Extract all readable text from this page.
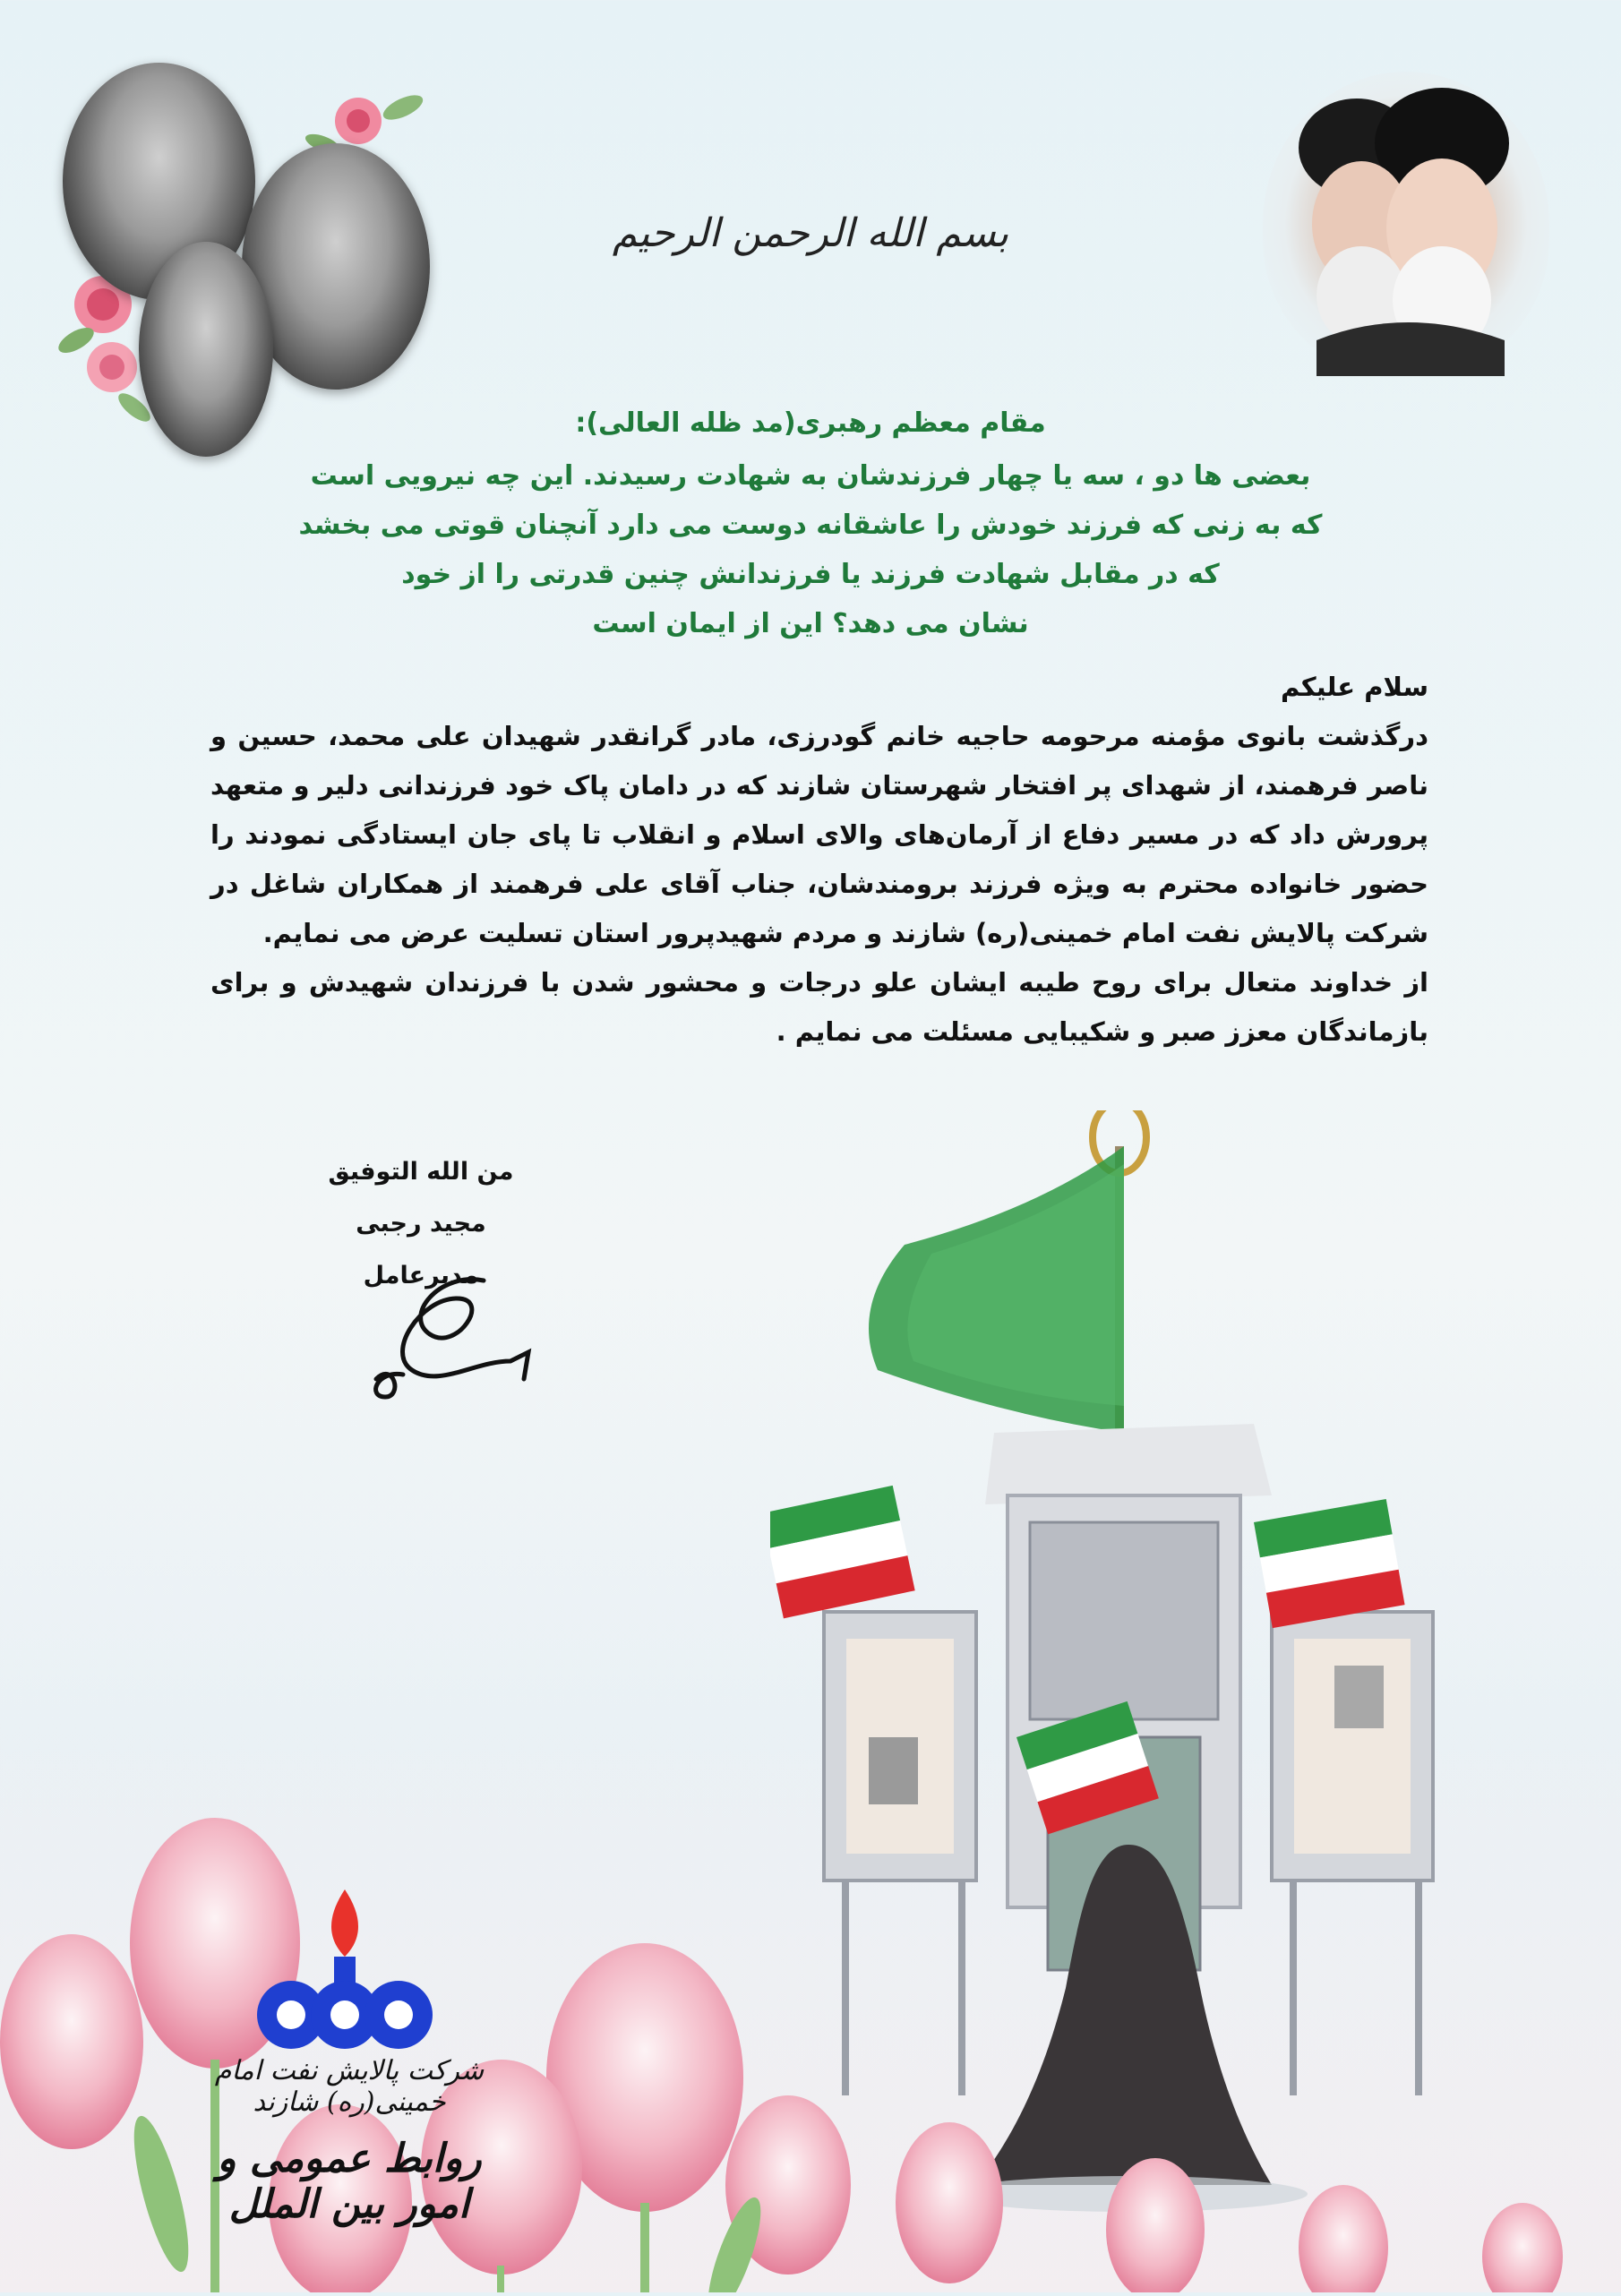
بسم الله الرحمن الرحیم
مقام معظم رهبری(مد ظله العالی):
بعضی ها دو ، سه یا چهار فرزندشان به شهادت رسیدند. این چه نیرویی است
که به زنی که فرزند خودش را عاشقانه دوست می دارد آنچنان قوتی می بخشد
که در مقابل شهادت فرزند یا فرزندانش چنین قدرتی را از خود
نشان می دهد؟ این از ایمان است
سلام علیکم
درگذشت بانوی مؤمنه مرحومه حاجیه خانم گودرزی، مادر گرانقدر شهیدان علی محمد، حسین و ناصر فرهمند، از شهدای پر افتخار شهرستان شازند که در دامان پاک خود فرزندانی دلیر و متعهد پرورش داد که در مسیر دفاع از آرمان‌های والای اسلام و انقلاب تا پای جان ایستادگی نمودند را حضور خانواده محترم به ویژه فرزند برومندشان، جناب آقای علی فرهمند از همکاران شاغل در شرکت پالایش نفت امام خمینی(ره) شازند و مردم شهیدپرور استان تسلیت عرض می نمایم.
از خداوند متعال برای روح طیبه ایشان علو درجات و محشور شدن با فرزندان شهیدش و برای بازماندگان معزز صبر و شکیبایی مسئلت می نمایم .
من الله التوفیق
مجید رجبی
مدیرعامل
شرکت پالایش نفت امام خمینی(ره) شازند
روابط عمومی و امور بین الملل
